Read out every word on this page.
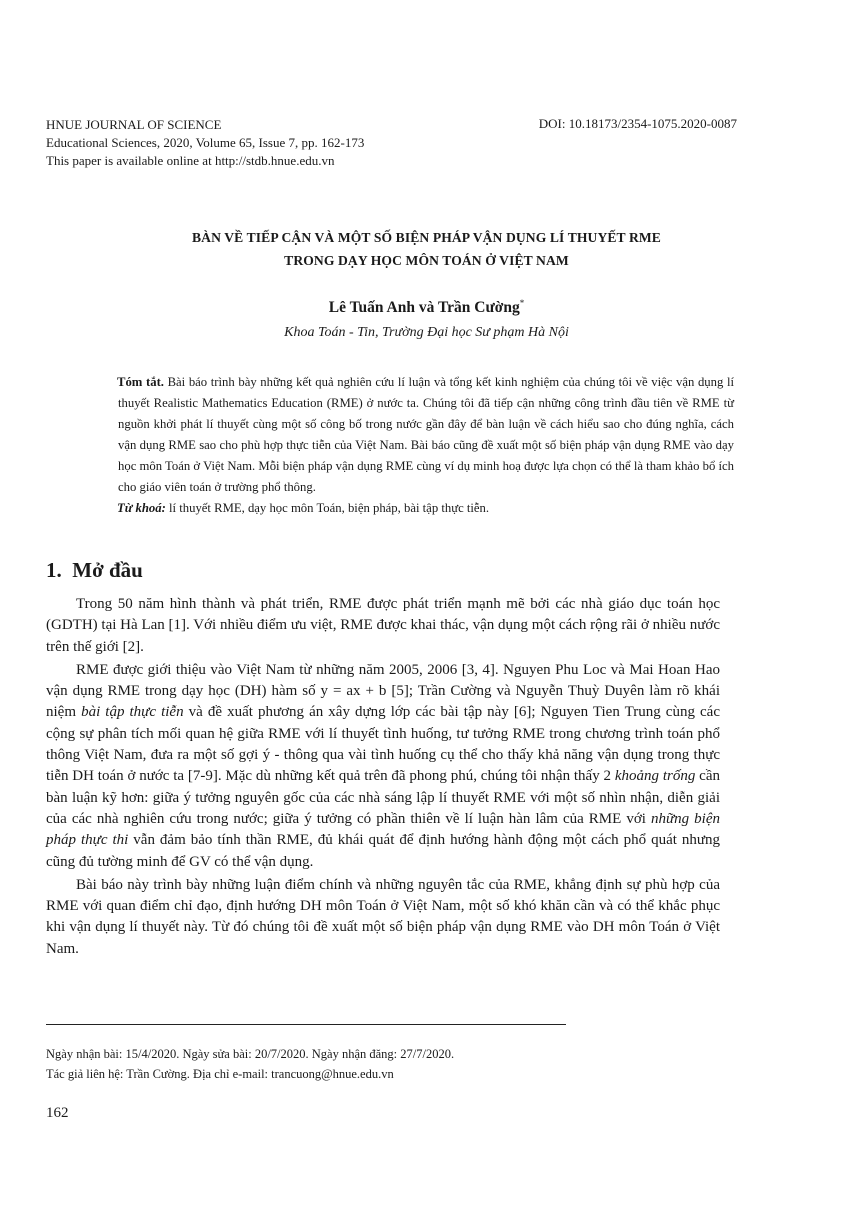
HNUE JOURNAL OF SCIENCE
Educational Sciences, 2020, Volume 65, Issue 7, pp. 162-173
This paper is available online at http://stdb.hnue.edu.vn
DOI: 10.18173/2354-1075.2020-0087
BÀN VỀ TIẾP CẬN VÀ MỘT SỐ BIỆN PHÁP VẬN DỤNG LÍ THUYẾT RME
TRONG DẠY HỌC MÔN TOÁN Ở VIỆT NAM
Lê Tuấn Anh và Trần Cường*
Khoa Toán - Tin, Trường Đại học Sư phạm Hà Nội

Tóm tắt. Bài báo trình bày những kết quả nghiên cứu lí luận và tổng kết kinh nghiệm của chúng tôi về việc vận dụng lí thuyết Realistic Mathematics Education (RME) ở nước ta. Chúng tôi đã tiếp cận những công trình đầu tiên về RME từ nguồn khởi phát lí thuyết cùng một số công bố trong nước gần đây để bàn luận về cách hiểu sao cho đúng nghĩa, cách vận dụng RME sao cho phù hợp thực tiễn của Việt Nam. Bài báo cũng đề xuất một số biện pháp vận dụng RME vào dạy học môn Toán ở Việt Nam. Mỗi biện pháp vận dụng RME cùng ví dụ minh hoạ được lựa chọn có thể là tham khảo bổ ích cho giáo viên toán ở trường phổ thông.

Từ khoá: lí thuyết RME, dạy học môn Toán, biện pháp, bài tập thực tiễn.

1. Mở đầu

Trong 50 năm hình thành và phát triển, RME được phát triển mạnh mẽ bởi các nhà giáo dục toán học (GDTH) tại Hà Lan [1]. Với nhiều điểm ưu việt, RME được khai thác, vận dụng một cách rộng rãi ở nhiều nước trên thế giới [2].

RME được giới thiệu vào Việt Nam từ những năm 2005, 2006 [3, 4]. Nguyen Phu Loc và Mai Hoan Hao vận dụng RME trong dạy học (DH) hàm số y = ax + b [5]; Trần Cường và Nguyễn Thuỳ Duyên làm rõ khái niệm bài tập thực tiễn và đề xuất phương án xây dựng lớp các bài tập này [6]; Nguyen Tien Trung cùng các cộng sự phân tích mối quan hệ giữa RME với lí thuyết tình huống, tư tưởng RME trong chương trình toán phổ thông Việt Nam, đưa ra một số gợi ý - thông qua vài tình huống cụ thể cho thấy khả năng vận dụng trong thực tiễn DH toán ở nước ta [7-9]. Mặc dù những kết quả trên đã phong phú, chúng tôi nhận thấy 2 khoảng trống cần bàn luận kỹ hơn: giữa ý tưởng nguyên gốc của các nhà sáng lập lí thuyết RME với một số nhìn nhận, diễn giải của các nhà nghiên cứu trong nước; giữa ý tưởng có phần thiên về lí luận hàn lâm của RME với những biện pháp thực thi vẫn đảm bảo tính thần RME, đủ khái quát để định hướng hành động một cách phổ quát nhưng cũng đủ tường minh để GV có thể vận dụng.

Bài báo này trình bày những luận điểm chính và những nguyên tắc của RME, khẳng định sự phù hợp của RME với quan điểm chỉ đạo, định hướng DH môn Toán ở Việt Nam, một số khó khăn cần và có thể khắc phục khi vận dụng lí thuyết này. Từ đó chúng tôi đề xuất một số biện pháp vận dụng RME vào DH môn Toán ở Việt Nam.

Ngày nhận bài: 15/4/2020. Ngày sửa bài: 20/7/2020. Ngày nhận đăng: 27/7/2020.
Tác giả liên hệ: Trần Cường. Địa chỉ e-mail: trancuong@hnue.edu.vn
162
